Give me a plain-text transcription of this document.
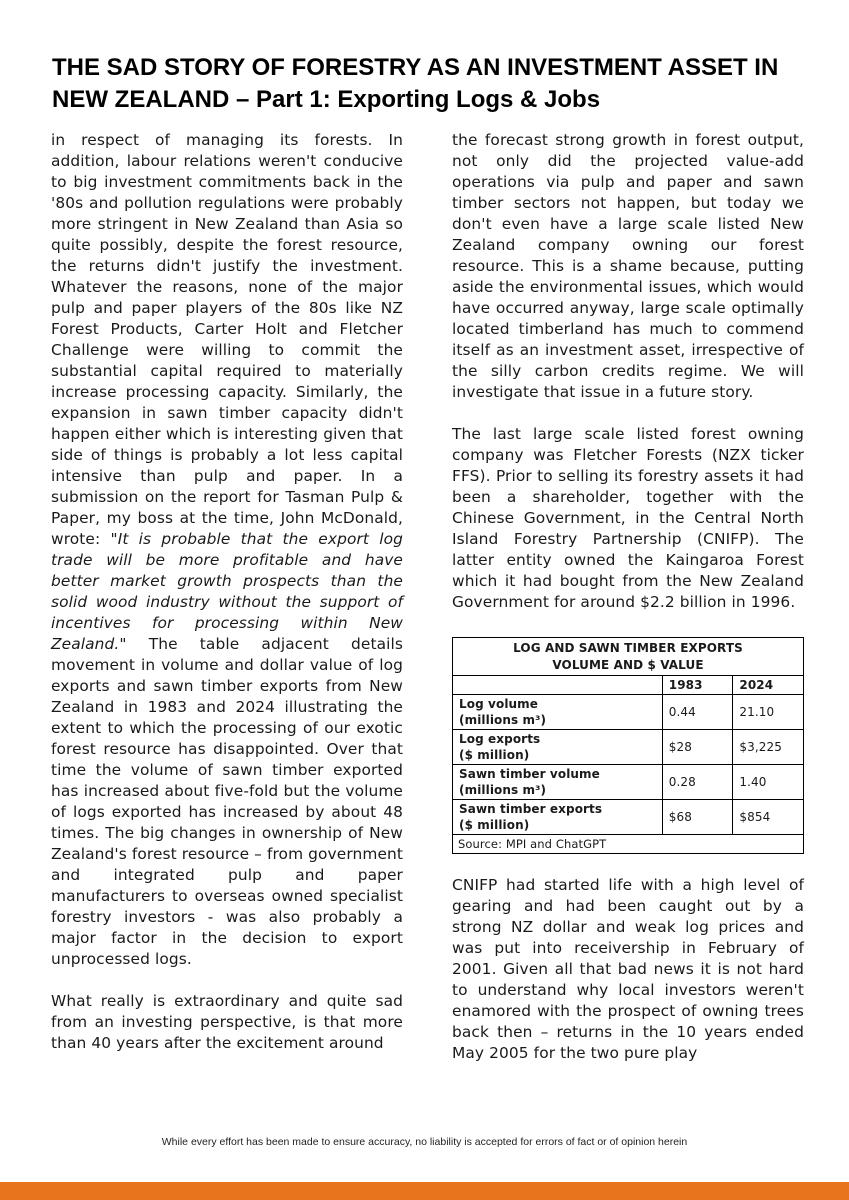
THE SAD STORY OF FORESTRY AS AN INVESTMENT ASSET IN NEW ZEALAND – Part 1: Exporting Logs & Jobs

in respect of managing its forests. In addition, labour relations weren't conducive to big investment commitments back in the '80s and pollution regulations were probably more stringent in New Zealand than Asia so quite possibly, despite the forest resource, the returns didn't justify the investment. Whatever the reasons, none of the major pulp and paper players of the 80s like NZ Forest Products, Carter Holt and Fletcher Challenge were willing to commit the substantial capital required to materially increase processing capacity. Similarly, the expansion in sawn timber capacity didn't happen either which is interesting given that side of things is probably a lot less capital intensive than pulp and paper. In a submission on the report for Tasman Pulp & Paper, my boss at the time, John McDonald, wrote: "It is probable that the export log trade will be more profitable and have better market growth prospects than the solid wood industry without the support of incentives for processing within New Zealand." The table adjacent details movement in volume and dollar value of log exports and sawn timber exports from New Zealand in 1983 and 2024 illustrating the extent to which the processing of our exotic forest resource has disappointed. Over that time the volume of sawn timber exported has increased about five-fold but the volume of logs exported has increased by about 48 times. The big changes in ownership of New Zealand's forest resource – from government and integrated pulp and paper manufacturers to overseas owned specialist forestry investors - was also probably a major factor in the decision to export unprocessed logs.

What really is extraordinary and quite sad from an investing perspective, is that more than 40 years after the excitement around

the forecast strong growth in forest output, not only did the projected value-add operations via pulp and paper and sawn timber sectors not happen, but today we don't even have a large scale listed New Zealand company owning our forest resource. This is a shame because, putting aside the environmental issues, which would have occurred anyway, large scale optimally located timberland has much to commend itself as an investment asset, irrespective of the silly carbon credits regime. We will investigate that issue in a future story.

The last large scale listed forest owning company was Fletcher Forests (NZX ticker FFS). Prior to selling its forestry assets it had been a shareholder, together with the Chinese Government, in the Central North Island Forestry Partnership (CNIFP). The latter entity owned the Kaingaroa Forest which it had bought from the New Zealand Government for around $2.2 billion in 1996.

LOG AND SAWN TIMBER EXPORTS
VOLUME AND $ VALUE		

	1983	2024

Log volume
(millions m³)	0.44	21.10

Log exports
($ million)	$28	$3,225

Sawn timber volume
(millions m³)	0.28	1.40

Sawn timber exports
($ million)	$68	$854
Source: MPI and ChatGPT		

CNIFP had started life with a high level of gearing and had been caught out by a strong NZ dollar and weak log prices and was put into receivership in February of 2001. Given all that bad news it is not hard to understand why local investors weren't enamored with the prospect of owning trees back then – returns in the 10 years ended May 2005 for the two pure play

While every effort has been made to ensure accuracy, no liability is accepted for errors of fact or of opinion herein
